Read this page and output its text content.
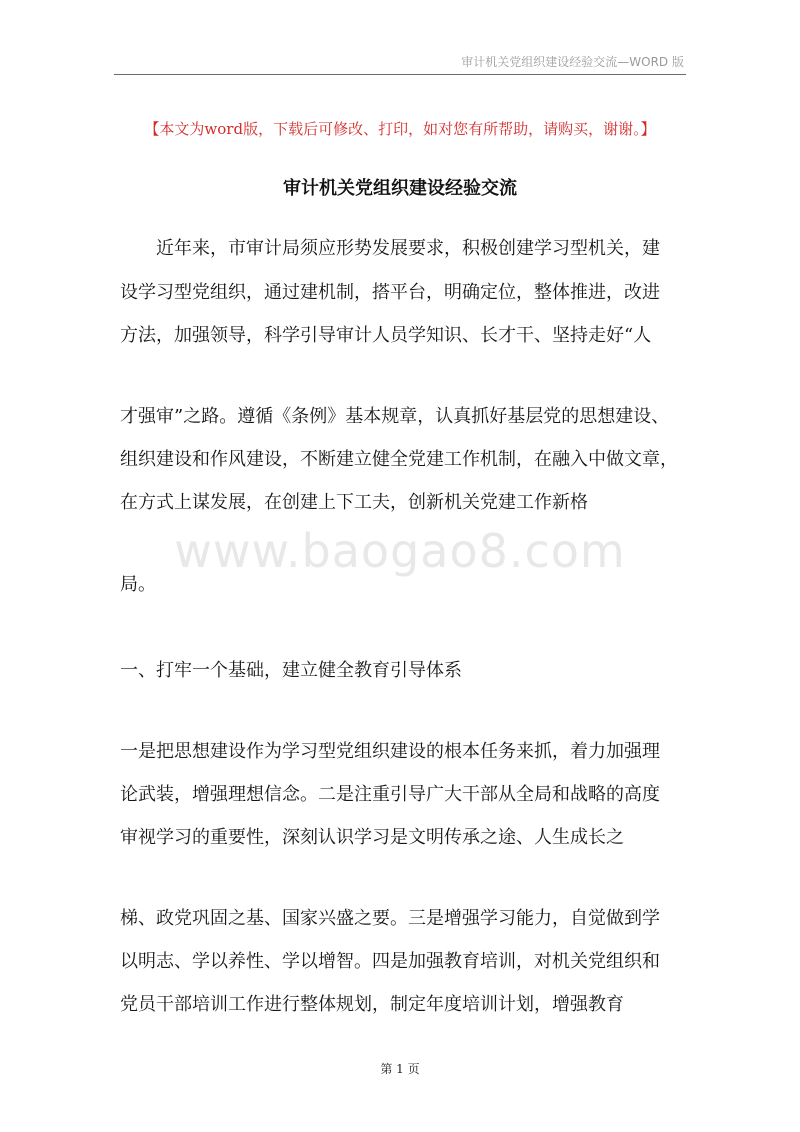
审计机关党组织建设经验交流—WORD 版
【本文为word版，下载后可修改、打印，如对您有所帮助，请购买，谢谢。】
审计机关党组织建设经验交流
　　近年来，市审计局须应形势发展要求，积极创建学习型机关，建
设学习型党组织，通过建机制，搭平台，明确定位，整体推进，改进
方法，加强领导，科学引导审计人员学知识、长才干、坚持走好“人
才强审”之路。遵循《条例》基本规章，认真抓好基层党的思想建设、
组织建设和作风建设，不断建立健全党建工作机制，在融入中做文章，
在方式上谋发展，在创建上下工夫，创新机关党建工作新格
www.baogao8.com
局。
一、打牢一个基础，建立健全教育引导体系
一是把思想建设作为学习型党组织建设的根本任务来抓，着力加强理
论武装，增强理想信念。二是注重引导广大干部从全局和战略的高度
审视学习的重要性，深刻认识学习是文明传承之途、人生成长之
梯、政党巩固之基、国家兴盛之要。三是增强学习能力，自觉做到学
以明志、学以养性、学以增智。四是加强教育培训，对机关党组织和
党员干部培训工作进行整体规划，制定年度培训计划，增强教育
第 1 页
